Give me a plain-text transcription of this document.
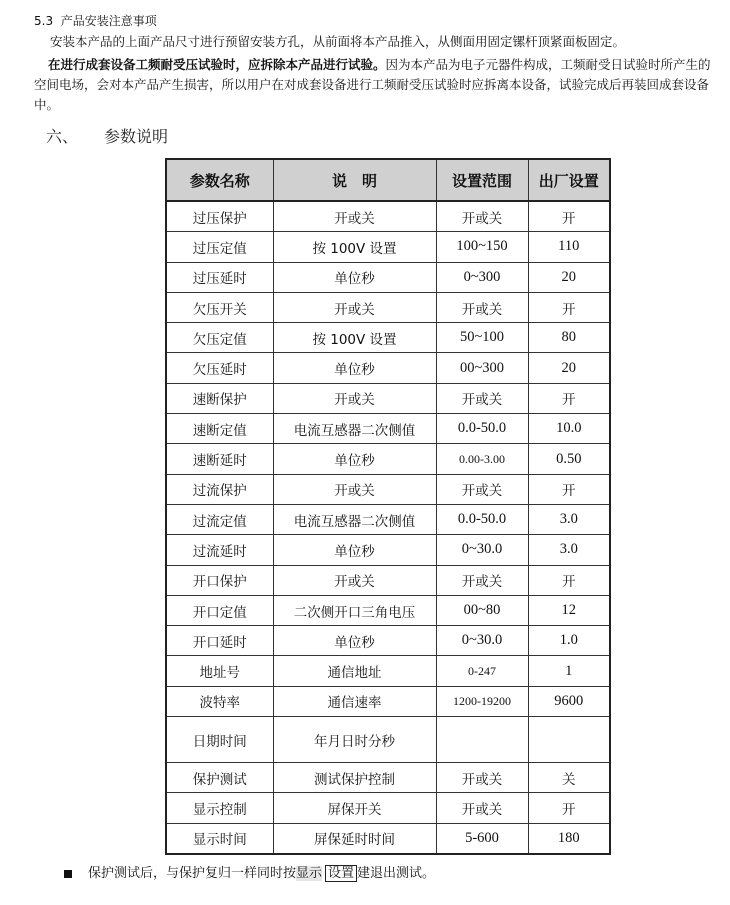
5.3 产品安装注意事项
安装本产品的上面产品尺寸进行预留安装方孔，从前面将本产品推入，从侧面用固定镙杆顶紧面板固定。
在进行成套设备工频耐受压试验时，应拆除本产品进行试验。因为本产品为电子元器件构成，工频耐受日试验时所产生的空间电场，会对本产品产生损害，所以用户在对成套设备进行工频耐受压试验时应拆离本设备，试验完成后再装回成套设备中。
六、 参数说明
参数名称	说　明	设置范围	出厂设置
过压保护	开或关	开或关	开
过压定值	按 100V 设置	100~150	110
过压延时	单位秒	0~300	20
欠压开关	开或关	开或关	开
欠压定值	按 100V 设置	50~100	80
欠压延时	单位秒	00~300	20
速断保护	开或关	开或关	开
速断定值	电流互感器二次侧值	0.0-50.0	10.0
速断延时	单位秒	0.00-3.00	0.50
过流保护	开或关	开或关	开
过流定值	电流互感器二次侧值	0.0-50.0	3.0
过流延时	单位秒	0~30.0	3.0
开口保护	开或关	开或关	开
开口定值	二次侧开口三角电压	00~80	12
开口延时	单位秒	0~30.0	1.0
地址号	通信地址	0-247	1
波特率	通信速率	1200-19200	9600
日期时间	年月日时分秒		
保护测试	测试保护控制	开或关	关
显示控制	屏保开关	开或关	开
显示时间	屏保延时时间	5-600	180
保护测试后，与保护复归一样同时按显示 设置 建退出测试。
